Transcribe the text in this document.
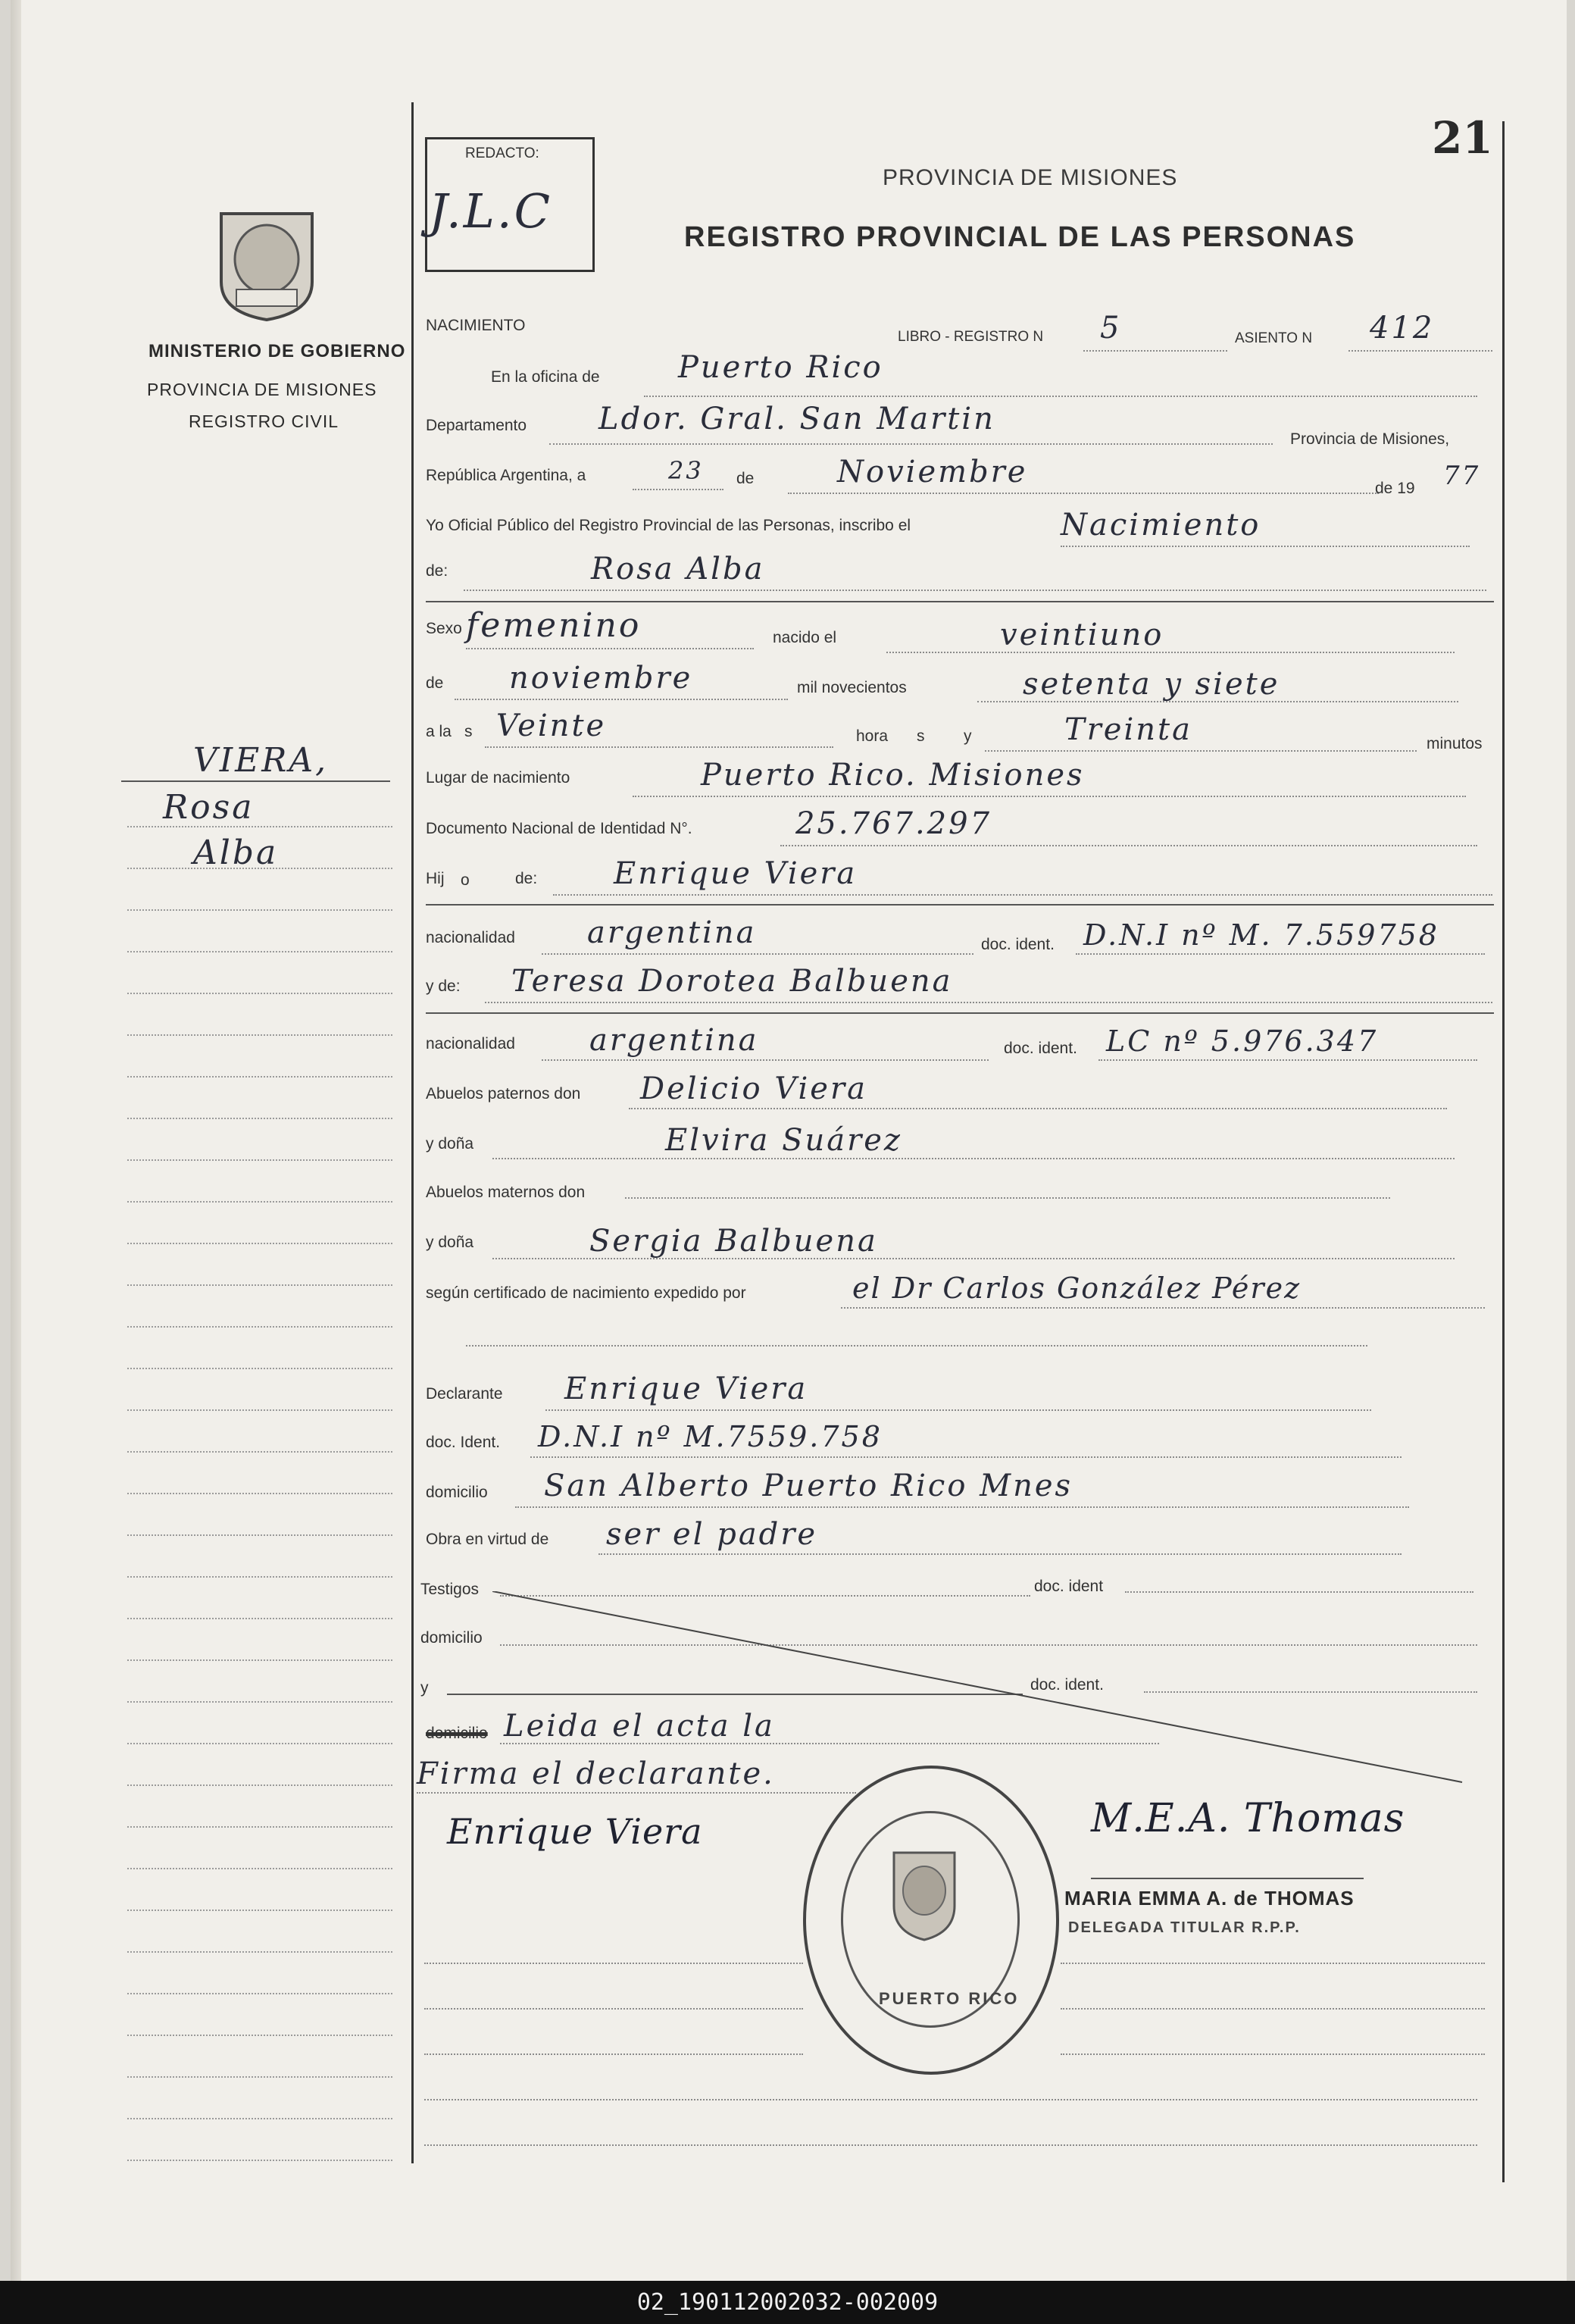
21
REDACTO:
J.L.C
PROVINCIA DE MISIONES
REGISTRO PROVINCIAL DE LAS PERSONAS
MINISTERIO DE GOBIERNO
PROVINCIA DE MISIONES
REGISTRO CIVIL
VIERA,
Rosa
Alba
NACIMIENTO
LIBRO - REGISTRO N 5	ASIENTO N 412
En la oficina de	Puerto Rico
Departamento Ldor. Gral. San Martin
Provincia de Misiones,
República Argentina, a	23 de	Noviembre	de 19 77
Yo Oficial Público del Registro Provincial de las Personas, inscribo el	Nacimiento
de:	Rosa Alba
Sexo femenino	nacido el	veintiuno
de noviembre	mil novecientos	setenta y siete
a la s Veinte	hora s y	Treinta	minutos
Lugar de nacimiento	Puerto Rico. Misiones
Documento Nacional de Identidad N°.	25.767.297
Hij o	de:	Enrique Viera
nacionalidad argentina	doc. ident. D.N.I nº M. 7.559758
y de: Teresa Dorotea Balbuena
nacionalidad argentina	doc. ident. LC nº 5.976.347
Abuelos paternos don Delicio Viera
y doña	Elvira Suárez
Abuelos maternos don
y doña	Sergia Balbuena
según certificado de nacimiento expedido por	el Dr Carlos González Pérez
Declarante Enrique Viera
doc. Ident. D.N.I nº M.7559.758
domicilio San Alberto Puerto Rico Mnes
Obra en virtud de ser el padre
Testigos	doc. ident
domicilio
y	doc. ident.
domicilio Leida el acta la
Firma el declarante.
Enrique Viera	M.E.A. Thomas
MARIA EMMA A. de THOMAS
DELEGADA TITULAR R.P.P.
PUERTO RICO
02_190112002032-002009
